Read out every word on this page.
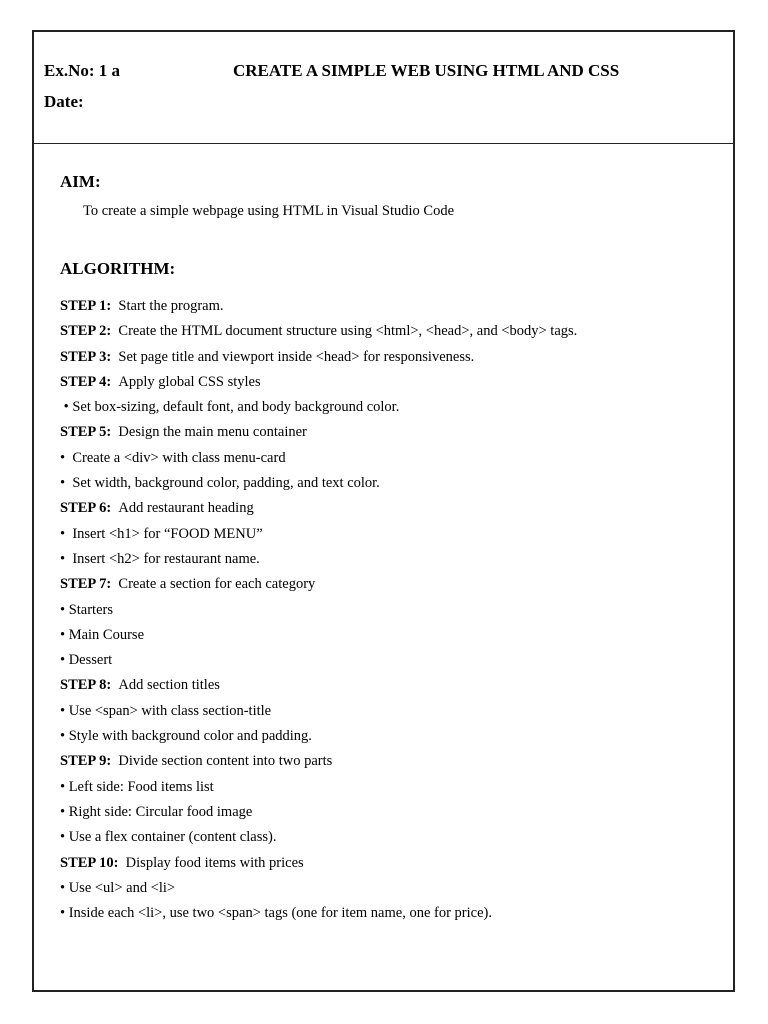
Ex.No: 1 a	CREATE A SIMPLE WEB USING HTML AND CSS
Date:
AIM:
To create a simple webpage using HTML in Visual Studio Code
ALGORITHM:
STEP 1: Start the program.
STEP 2: Create the HTML document structure using <html>, <head>, and <body> tags.
STEP 3: Set page title and viewport inside <head> for responsiveness.
STEP 4: Apply global CSS styles
• Set box-sizing, default font, and body background color.
STEP 5: Design the main menu container
•  Create a <div> with class menu-card
•  Set width, background color, padding, and text color.
STEP 6: Add restaurant heading
•  Insert <h1> for “FOOD MENU”
•  Insert <h2> for restaurant name.
STEP 7: Create a section for each category
• Starters
• Main Course
• Dessert
STEP 8: Add section titles
• Use <span> with class section-title
• Style with background color and padding.
STEP 9: Divide section content into two parts
• Left side: Food items list
• Right side: Circular food image
• Use a flex container (content class).
STEP 10: Display food items with prices
• Use <ul> and <li>
• Inside each <li>, use two <span> tags (one for item name, one for price).
